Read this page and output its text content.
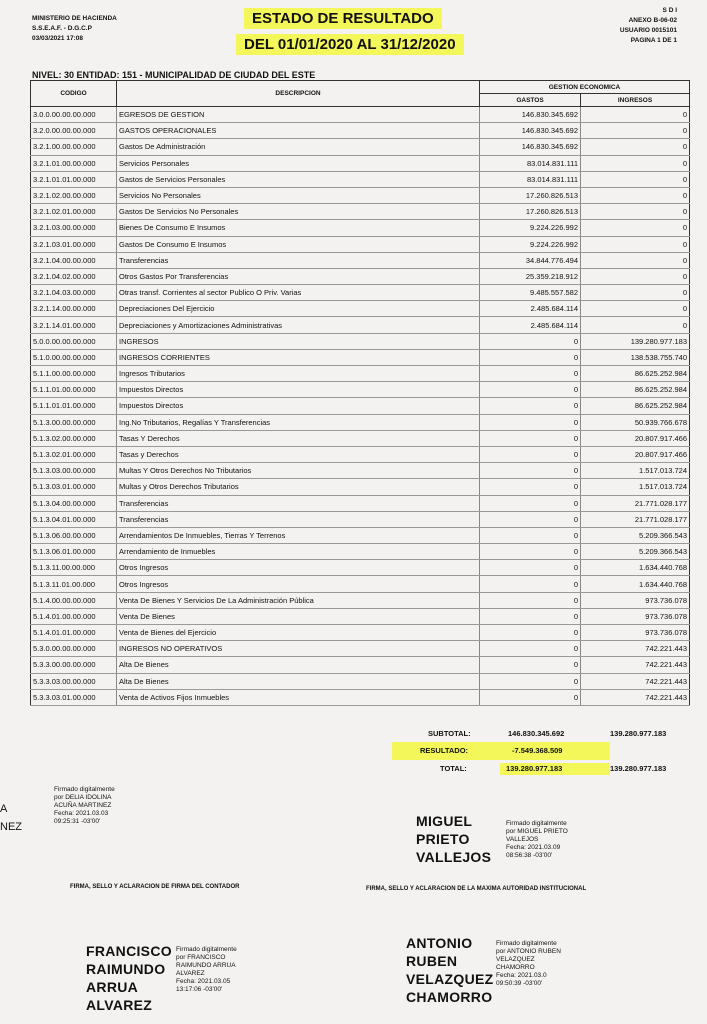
MINISTERIO DE HACIENDA
S.S.E.A.F. - D.G.C.P
03/03/2021 17:08
S D I
ANEXO B-06-02
USUARIO 0015101
PAGINA 1 DE 1
ESTADO DE RESULTADO
DEL 01/01/2020 AL 31/12/2020
NIVEL: 30 ENTIDAD: 151 - MUNICIPALIDAD DE CIUDAD DEL ESTE
CODIGO	DESCRIPCION	GESTION ECONOMICA	
		GASTOS	INGRESOS
3.0.0.00.00.00.000	EGRESOS DE GESTION	146.830.345.692	0
3.2.0.00.00.00.000	GASTOS OPERACIONALES	146.830.345.692	0
3.2.1.00.00.00.000	Gastos De Administración	146.830.345.692	0
3.2.1.01.00.00.000	Servicios Personales	83.014.831.111	0
3.2.1.01.01.00.000	Gastos de Servicios Personales	83.014.831.111	0
3.2.1.02.00.00.000	Servicios No Personales	17.260.826.513	0
3.2.1.02.01.00.000	Gastos De Servicios No Personales	17.260.826.513	0
3.2.1.03.00.00.000	Bienes De Consumo E Insumos	9.224.226.992	0
3.2.1.03.01.00.000	Gastos De Consumo E Insumos	9.224.226.992	0
3.2.1.04.00.00.000	Transferencias	34.844.776.494	0
3.2.1.04.02.00.000	Otros Gastos Por Transferencias	25.359.218.912	0
3.2.1.04.03.00.000	Otras transf. Corrientes al sector Publico O Priv. Varias	9.485.557.582	0
3.2.1.14.00.00.000	Depreciaciones Del Ejercicio	2.485.684.114	0
3.2.1.14.01.00.000	Depreciaciones y Amortizaciones Administrativas	2.485.684.114	0
5.0.0.00.00.00.000	INGRESOS	0	139.280.977.183
5.1.0.00.00.00.000	INGRESOS CORRIENTES	0	138.538.755.740
5.1.1.00.00.00.000	Ingresos Tributarios	0	86.625.252.984
5.1.1.01.00.00.000	Impuestos Directos	0	86.625.252.984
5.1.1.01.01.00.000	Impuestos Directos	0	86.625.252.984
5.1.3.00.00.00.000	Ing.No Tributarios, Regalías Y Transferencias	0	50.939.766.678
5.1.3.02.00.00.000	Tasas Y Derechos	0	20.807.917.466
5.1.3.02.01.00.000	Tasas y Derechos	0	20.807.917.466
5.1.3.03.00.00.000	Multas Y Otros Derechos No Tributarios	0	1.517.013.724
5.1.3.03.01.00.000	Multas y Otros Derechos Tributarios	0	1.517.013.724
5.1.3.04.00.00.000	Transferencias	0	21.771.028.177
5.1.3.04.01.00.000	Transferencias	0	21.771.028.177
5.1.3.06.00.00.000	Arrendamientos De Inmuebles, Tierras Y Terrenos	0	5.209.366.543
5.1.3.06.01.00.000	Arrendamiento de Inmuebles	0	5.209.366.543
5.1.3.11.00.00.000	Otros Ingresos	0	1.634.440.768
5.1.3.11.01.00.000	Otros Ingresos	0	1.634.440.768
5.1.4.00.00.00.000	Venta De Bienes Y Servicios De La Administración Pública	0	973.736.078
5.1.4.01.00.00.000	Venta De Bienes	0	973.736.078
5.1.4.01.01.00.000	Venta de Bienes del Ejercicio	0	973.736.078
5.3.0.00.00.00.000	INGRESOS NO OPERATIVOS	0	742.221.443
5.3.3.00.00.00.000	Alta De Bienes	0	742.221.443
5.3.3.03.00.00.000	Alta De Bienes	0	742.221.443
5.3.3.03.01.00.000	Venta de Activos Fijos Inmuebles	0	742.221.443
SUBTOTAL:	146.830.345.692	139.280.977.183
RESULTADO:	-7.549.368.509
TOTAL:	139.280.977.183	139.280.977.183
A
NEZ
Firmado digitalmente
por DELIA IDOLINA
ACUÑA MARTINEZ
Fecha: 2021.03.03
09:25:31 -03'00'	MIGUEL
PRIETO
VALLEJOS
Firmado digitalmente
por MIGUEL PRIETO
VALLEJOS
Fecha: 2021.03.09
08:56:38 -03'00'
FIRMA, SELLO Y ACLARACION DE FIRMA DEL CONTADOR	FIRMA, SELLO Y ACLARACION DE LA MAXIMA AUTORIDAD INSTITUCIONAL
FRANCISCO
RAIMUNDO
ARRUA
ALVAREZ
Firmado digitalmente
por FRANCISCO
RAIMUNDO ARRUA
ALVAREZ
Fecha: 2021.03.05
13:17:06 -03'00'
ANTONIO
RUBEN
VELAZQUEZ
CHAMORRO
Firmado digitalmente
por ANTONIO RUBEN
VELAZQUEZ
CHAMORRO
Fecha: 2021.03.0
09:50:39 -03'00'
